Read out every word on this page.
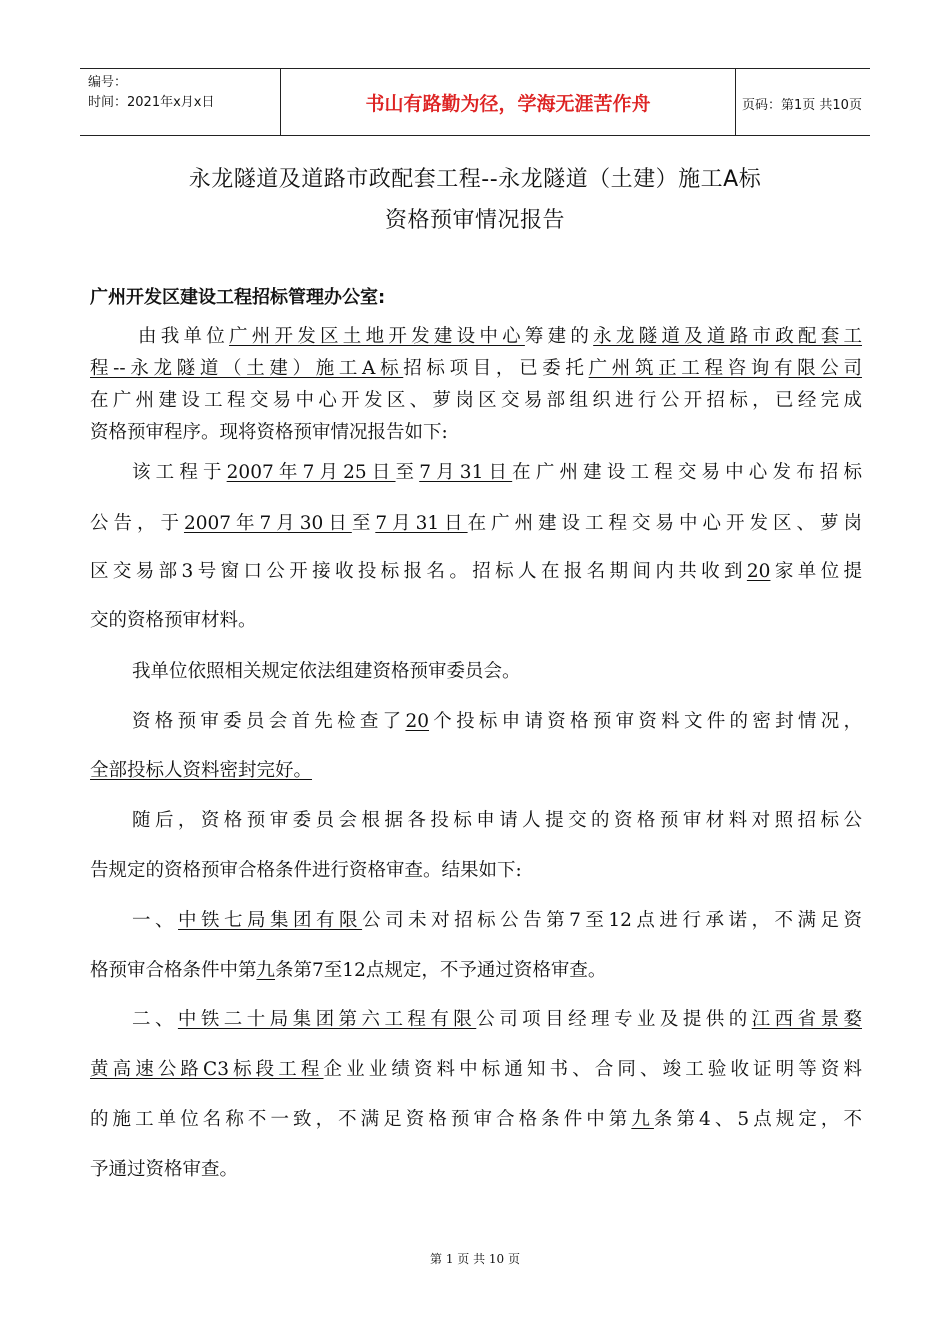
编号：
时间：2021年x月x日	书山有路勤为径，学海无涯苦作舟	页码：第1页 共10页
永龙隧道及道路市政配套工程--永龙隧道（土建）施工A标
资格预审情况报告
广州开发区建设工程招标管理办公室:
由我单位广州开发区土地开发建设中心筹建的永龙隧道及道路市政配套工
程--永龙隧道（土建）施工A标招标项目，已委托广州筑正工程咨询有限公司
在广州建设工程交易中心开发区、萝岗区交易部组织进行公开招标，已经完成
资格预审程序。现将资格预审情况报告如下:
该工程于2007年7月25日至7月31日在广州建设工程交易中心发布招标
公告，于2007年7月30日至7月31日在广州建设工程交易中心开发区、萝岗
区交易部3号窗口公开接收投标报名。招标人在报名期间内共收到20家单位提
交的资格预审材料。
我单位依照相关规定依法组建资格预审委员会。
资格预审委员会首先检查了20个投标申请资格预审资料文件的密封情况，
全部投标人资料密封完好。
随后，资格预审委员会根据各投标申请人提交的资格预审材料对照招标公
告规定的资格预审合格条件进行资格审查。结果如下:
一、中铁七局集团有限公司未对招标公告第7至12点进行承诺，不满足资
格预审合格条件中第九条第7至12点规定，不予通过资格审查。
二、中铁二十局集团第六工程有限公司项目经理专业及提供的江西省景婺
黄高速公路C3标段工程企业业绩资料中标通知书、合同、竣工验收证明等资料
的施工单位名称不一致，不满足资格预审合格条件中第九条第4、5点规定，不
予通过资格审查。
第 1 页 共 10 页
